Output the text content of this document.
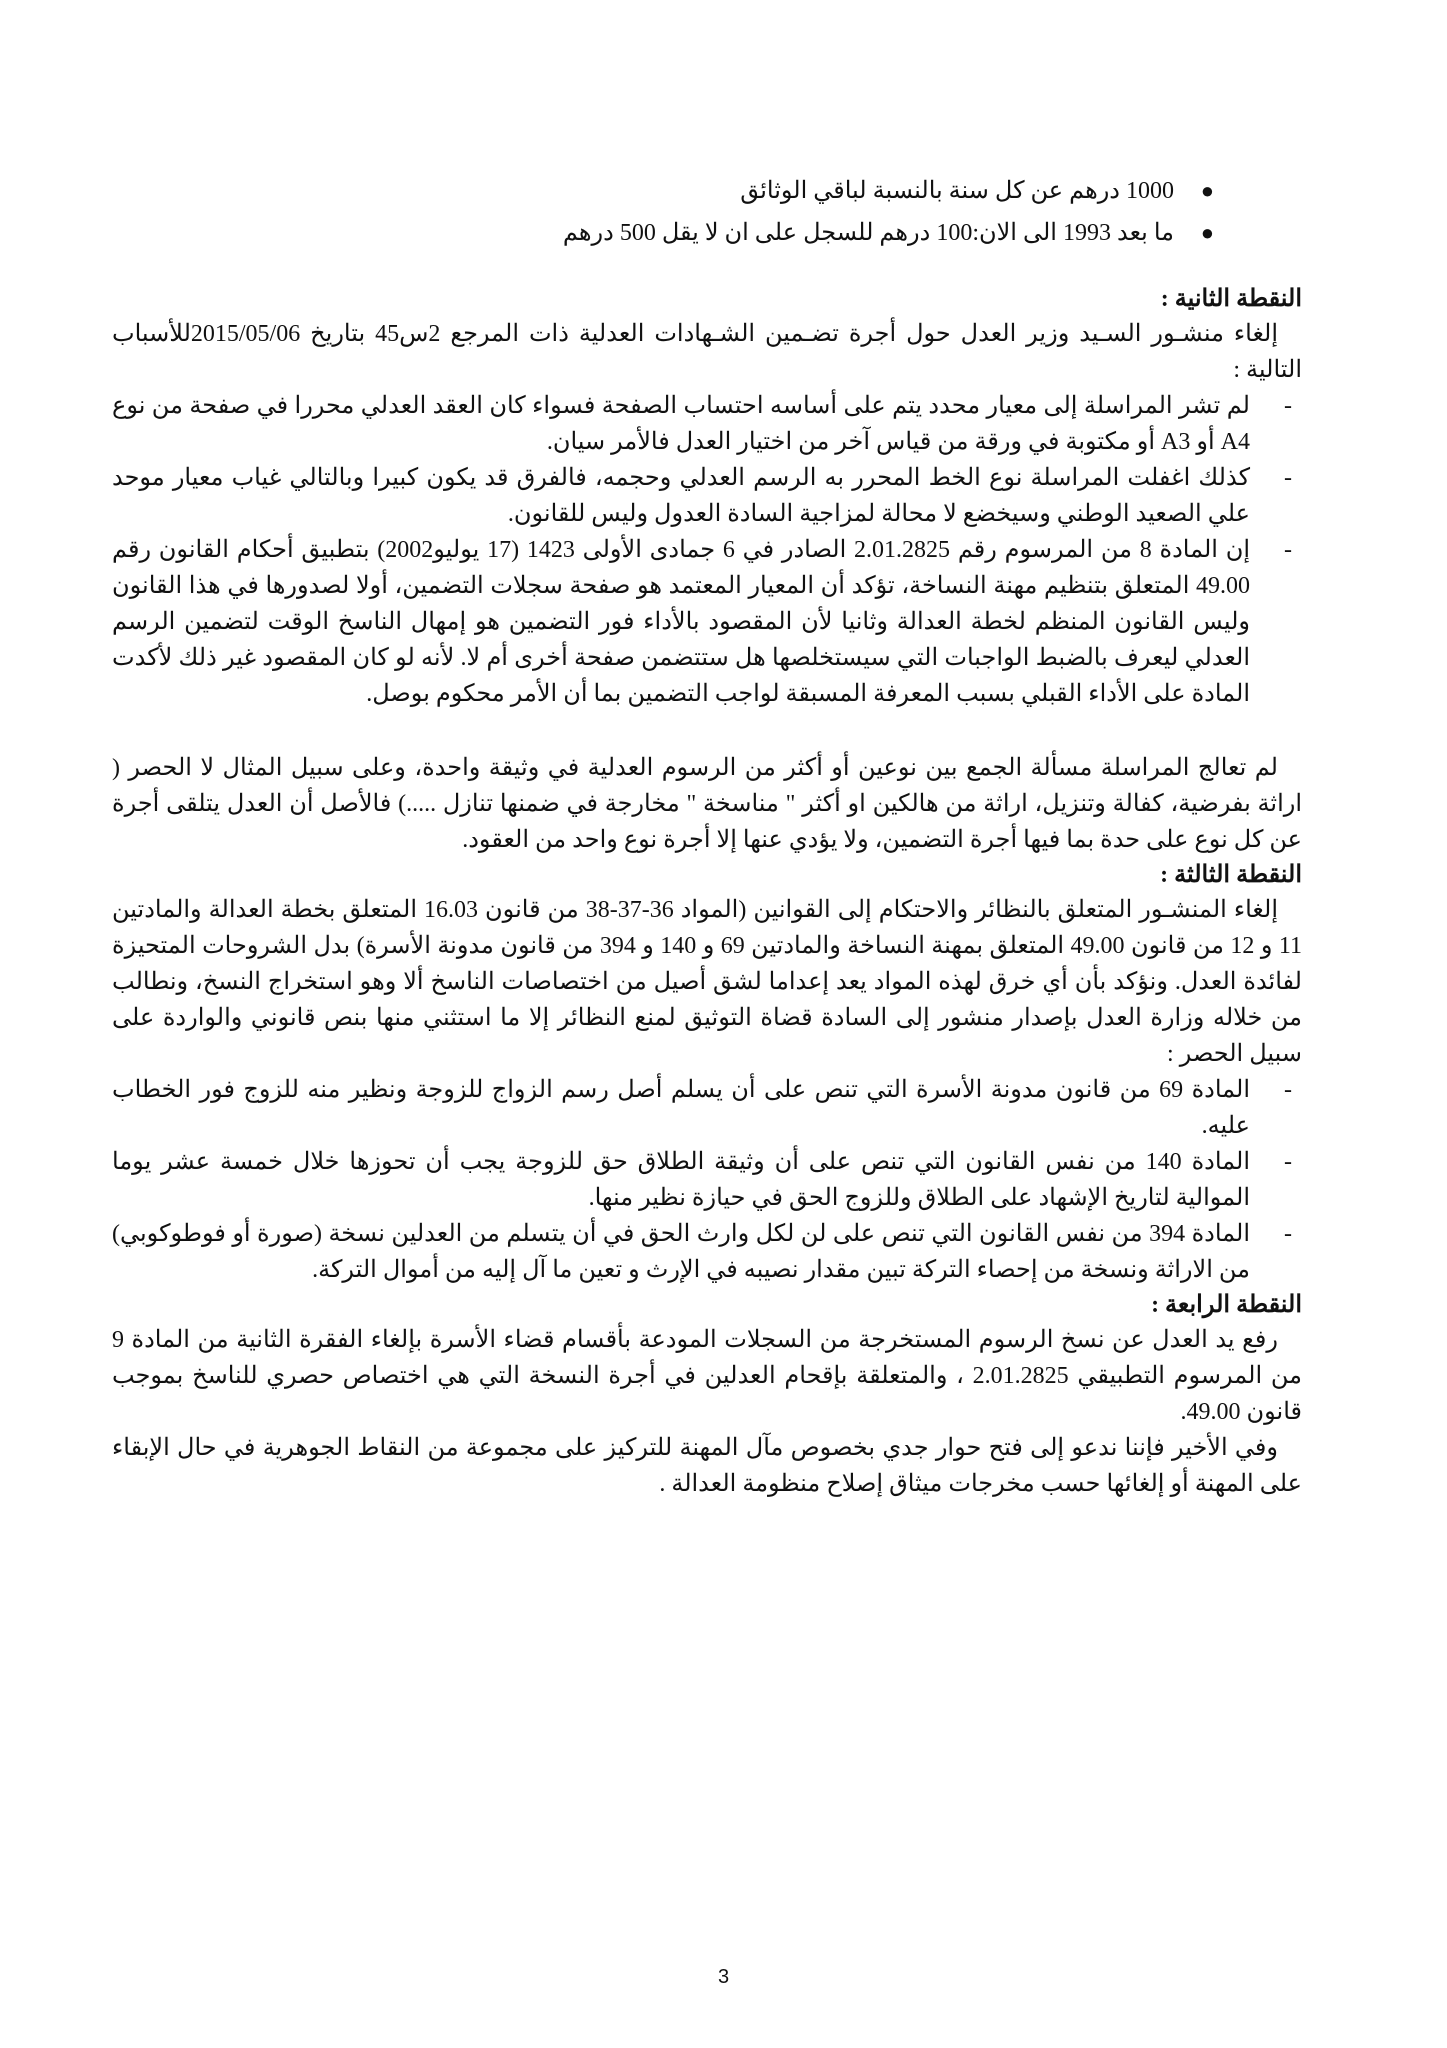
●
1000 درهم عن كل سنة بالنسبة لباقي الوثائق
●
ما بعد 1993 الى الان:100 درهم للسجل على ان لا يقل 500 درهم
النقطة الثانية :

إلغاء منشـور السـيد وزير العدل حول أجرة تضـمين الشـهادات العدلية ذات المرجع 2س45 بتاريخ 2015/05/06للأسباب التالية :

-
لم تشر المراسلة إلى معيار محدد يتم على أساسه احتساب الصفحة فسواء كان العقد العدلي محررا في صفحة من نوع A4 أو A3 أو مكتوبة في ورقة من قياس آخر من اختيار العدل فالأمر سيان.
-
كذلك اغفلت المراسلة نوع الخط المحرر به الرسم العدلي وحجمه، فالفرق قد يكون كبيرا وبالتالي غياب معيار موحد علي الصعيد الوطني وسيخضع لا محالة لمزاجية السادة العدول وليس للقانون.
-
إن المادة 8 من المرسوم رقم 2.01.2825 الصادر في 6 جمادى الأولى 1423 (17 يوليو2002) بتطبيق أحكام القانون رقم 49.00 المتعلق بتنظيم مهنة النساخة، تؤكد أن المعيار المعتمد هو صفحة سجلات التضمين، أولا لصدورها في هذا القانون وليس القانون المنظم لخطة العدالة وثانيا لأن المقصود بالأداء فور التضمين هو إمهال الناسخ الوقت لتضمين الرسم العدلي ليعرف بالضبط الواجبات التي سيستخلصها هل ستتضمن صفحة أخرى أم لا. لأنه لو كان المقصود غير ذلك لأكدت المادة على الأداء القبلي بسبب المعرفة المسبقة لواجب التضمين بما أن الأمر محكوم بوصل.

لم تعالج المراسلة مسألة الجمع بين نوعين أو أكثر من الرسوم العدلية في وثيقة واحدة، وعلى سبيل المثال لا الحصر ( اراثة بفرضية، كفالة وتنزيل، اراثة من هالكين او أكثر " مناسخة " مخارجة في ضمنها تنازل .....) فالأصل أن العدل يتلقى أجرة عن كل نوع على حدة بما فيها أجرة التضمين، ولا يؤدي عنها إلا أجرة نوع واحد من العقود.

النقطة الثالثة :

إلغاء المنشـور المتعلق بالنظائر والاحتكام إلى القوانين (المواد 36-37-38 من قانون 16.03 المتعلق بخطة العدالة والمادتين 11 و 12 من قانون 49.00 المتعلق بمهنة النساخة والمادتين 69 و 140 و 394 من قانون مدونة الأسرة) بدل الشروحات المتحيزة لفائدة العدل. ونؤكد بأن أي خرق لهذه المواد يعد إعداما لشق أصيل من اختصاصات الناسخ ألا وهو استخراج النسخ، ونطالب من خلاله وزارة العدل بإصدار منشور إلى السادة قضاة التوثيق لمنع النظائر إلا ما استثني منها بنص قانوني والواردة على سبيل الحصر :

-
المادة 69 من قانون مدونة الأسرة التي تنص على أن يسلم أصل رسم الزواج للزوجة ونظير منه للزوج فور الخطاب عليه.
-
المادة 140 من نفس القانون التي تنص على أن وثيقة الطلاق حق للزوجة يجب أن تحوزها خلال خمسة عشر يوما الموالية لتاريخ الإشهاد على الطلاق وللزوج الحق في حيازة نظير منها.
-
المادة 394 من نفس القانون التي تنص على لن لكل وارث الحق في أن يتسلم من العدلين نسخة (صورة أو فوطوكوبي) من الاراثة ونسخة من إحصاء التركة تبين مقدار نصيبه في الإرث و تعين ما آل إليه من أموال التركة.
النقطة الرابعة :

رفع يد العدل عن نسخ الرسوم المستخرجة من السجلات المودعة بأقسام قضاء الأسرة بإلغاء الفقرة الثانية من المادة 9 من المرسوم التطبيقي 2.01.2825 ، والمتعلقة بإقحام العدلين في أجرة النسخة التي هي اختصاص حصري للناسخ بموجب قانون 49.00.

وفي الأخير فإننا ندعو إلى فتح حوار جدي بخصوص مآل المهنة للتركيز على مجموعة من النقاط الجوهرية في حال الإبقاء على المهنة أو إلغائها حسب مخرجات ميثاق إصلاح منظومة العدالة .

3
